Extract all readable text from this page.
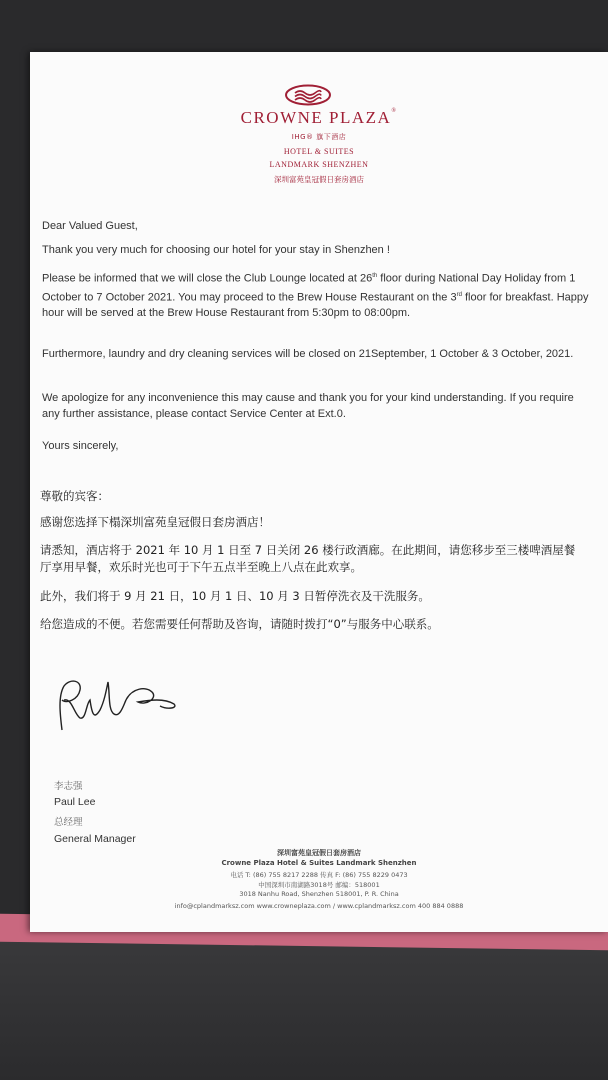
CROWNE PLAZA®
IHG® 旗下酒店
HOTEL & SUITES
LANDMARK SHENZHEN
深圳富苑皇冠假日套房酒店
Dear Valued Guest,
Thank you very much for choosing our hotel for your stay in Shenzhen !
Please be informed that we will close the Club Lounge located at 26th floor during National Day Holiday from 1 October to 7 October 2021. You may proceed to the Brew House Restaurant on the 3rd floor for breakfast. Happy hour will be served at the Brew House Restaurant from 5:30pm to 08:00pm.
Furthermore, laundry and dry cleaning services will be closed on 21September, 1 October & 3 October, 2021.
We apologize for any inconvenience this may cause and thank you for your kind understanding. If you require any further assistance, please contact Service Center at Ext.0.
Yours sincerely,
尊敬的宾客：
感谢您选择下榻深圳富苑皇冠假日套房酒店！
请悉知，酒店将于 2021 年 10 月 1 日至 7 日关闭 26 楼行政酒廊。在此期间，请您移步至三楼啤酒屋餐厅享用早餐，欢乐时光也可于下午五点半至晚上八点在此欢享。
此外，我们将于 9 月 21 日，10 月 1 日、10 月 3 日暂停洗衣及干洗服务。
给您造成的不便。若您需要任何帮助及咨询，请随时拨打“0”与服务中心联系。
李志强
Paul Lee
总经理
General Manager
深圳富苑皇冠假日套房酒店
Crowne Plaza Hotel & Suites Landmark Shenzhen
电话 T: (86) 755 8217 2288 传真 F: (86) 755 8229 0473
中国深圳市南湖路3018号 邮编：518001
3018 Nanhu Road, Shenzhen 518001, P. R. China
info@cplandmarksz.com www.crowneplaza.com / www.cplandmarksz.com 400 884 0888
